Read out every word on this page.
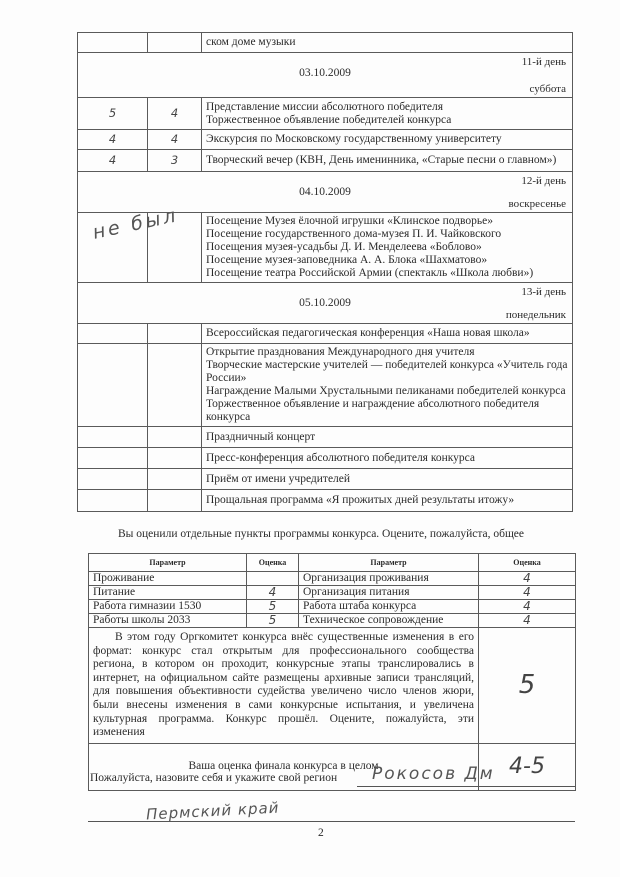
		ском доме музыки

11-й день
03.10.2009
суббота		

5	4	Представление миссии абсолютного победителя
Торжественное объявление победителей конкурса

4	4	Экскурсия по Московскому государственному университету
4	3	Творческий вечер (КВН, День именинника, «Старые песни о главном»)

12-й день
04.10.2009
воскресенье		

		Посещение Музея ёлочной игрушки «Клинское подворье»
Посещение государственного дома-музея П. И. Чайковского
Посещения музея-усадьбы Д. И. Менделеева «Боблово»
Посещение музея-заповедника А. А. Блока «Шахматово»
Посещение театра Российской Армии (спектакль «Школа любви»)

13-й день
05.10.2009
понедельник		

		Всероссийская педагогическая конференция «Наша новая школа»

		Открытие празднования Международного дня учителя
Творческие мастерские учителей — победителей конкурса «Учитель года России»
Награждение Малыми Хрустальными пеликанами победителей конкурса
Торжественное объявление и награждение абсолютного победителя конкурса

		Праздничный концерт
		Пресс-конференция абсолютного победителя конкурса
		Приём от имени учредителей
		Прощальная программа «Я прожитых дней результаты итожу»
не был
Вы оценили отдельные пункты программы конкурса. Оцените, пожалуйста, общее
Параметр	Оценка	Параметр	Оценка
Проживание		Организация проживания	4
Питание	4	Организация питания	4
Работа гимназии 1530	5	Работа штаба конкурса	4
Работы школы 2033	5	Техническое сопровождение	4
В этом году Оргкомитет конкурса внёс существенные изменения в его формат: конкурс стал открытым для профессионального сообщества региона, в котором он проходит, конкурсные этапы транслировались в интернет, на официальном сайте размещены архивные записи трансляций, для повышения объективности судейства увеличено число членов жюри, были внесены изменения в сами конкурсные испытания, и увеличена культурная программа. Конкурс прошёл. Оцените, пожалуйста, эти изменения			5
Ваша оценка финала конкурса в целом			4-5
Пожалуйста, назовите себя и укажите свой регион Рокосов Дм
Пермский край
2
